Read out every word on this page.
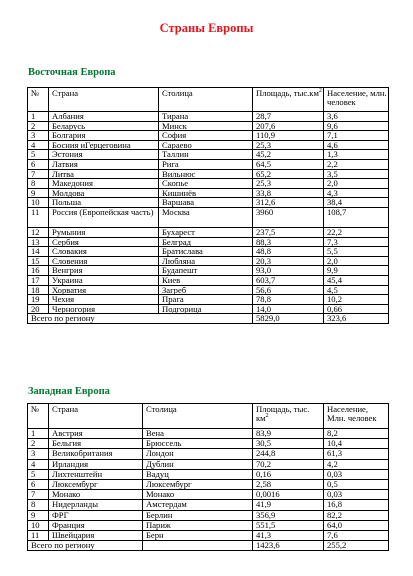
Страны Европы
Восточная Европа
№	Страна	Столица	Площадь, $тыс.км^2$	Население, млн. человек
1	Албания	Тирана	28,7	3,6
2	Беларусь	Минск	207,6	9,6
3	Болгария	София	110,9	7,1
4	Босния иГерцеговина	Сараево	25,3	4,6
5	Эстония	Таллин	45,2	1,3
6	Латвия	Рига	64,5	2,2
7	Литва	Вильнюс	65,2	3,5
8	Македония	Скопье	25,3	2,0
9	Молдова	Кишинёв	33,8	4,3
10	Польша	Варшава	312,6	38,4
11	Россия (Европейская часть)	Москва	3960	108,7
12	Румыния	Бухарест	237,5	22,2
13	Сербия	Белград	88,3	7,3
14	Словакия	Братислава	48,8	5,5
15	Словения	Любляна	20,3	2,0
16	Венгрия	Будапешт	93,0	9,9
17	Украина	Киев	603,7	45,4
18	Хорватия	Загреб	56,6	4,5
19	Чехия	Прага	78,8	10,2
20	Черногория	Подгорица	14,0	0,66
Всего по региону			5829,0	323,6
Западная Европа
№	Страна	Столица	Площадь, тыс. $км^2$	Население, Млн. человек
1	Австрия	Вена	83,9	8,2
2	Бельгия	Брюссель	30,5	10,4
3	Великобритания	Лондон	244,8	61,3
4	Ирландия	Дублин	70,2	4,2
5	Лихтенштейн	Вадуц	0,16	0,03
6	Люксембург	Люксембург	2,58	0,5
7	Монако	Монако	0,0016	0,03
8	Нидерланды	Амстердам	41,9	16,8
9	ФРГ	Берлин	356,9	82,2
10	Франция	Париж	551,5	64,0
11	Швейцария	Берн	41,3	7,6
Всего по региону			1423,6	255,2
